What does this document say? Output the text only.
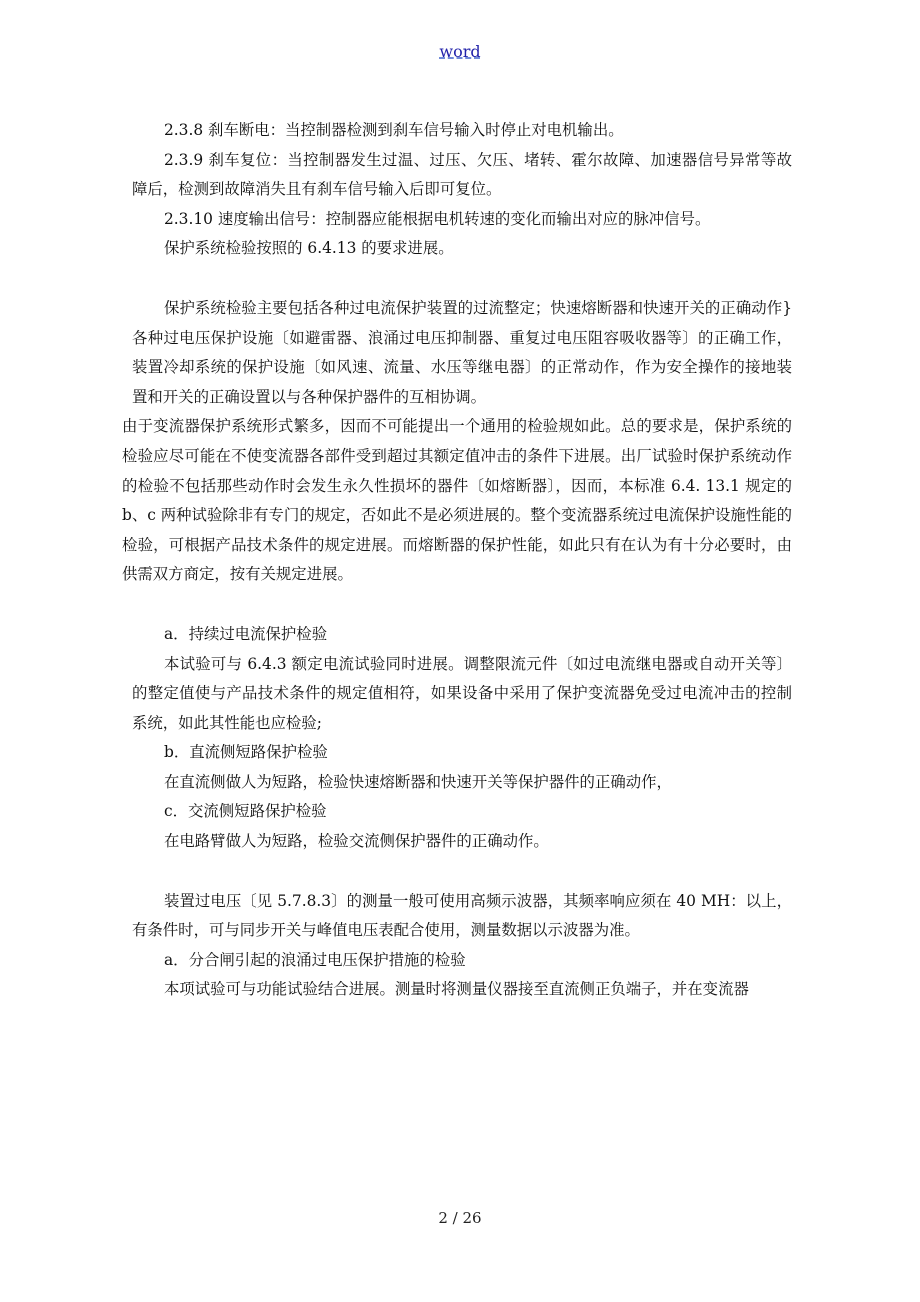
word

2.3.8 刹车断电：当控制器检测到刹车信号输入时停止对电机输出。

2.3.9 刹车复位：当控制器发生过温、过压、欠压、堵转、霍尔故障、加速器信号异常等故障后，检测到故障消失且有刹车信号输入后即可复位。

2.3.10 速度输出信号：控制器应能根据电机转速的变化而输出对应的脉冲信号。

保护系统检验按照的 6.4.13 的要求进展。

保护系统检验主要包括各种过电流保护装置的过流整定；快速熔断器和快速开关的正确动作}各种过电压保护设施〔如避雷器、浪涌过电压抑制器、重复过电压阻容吸收器等〕的正确工作，装置冷却系统的保护设施〔如风速、流量、水压等继电器〕的正常动作，作为安全操作的接地装置和开关的正确设置以与各种保护器件的互相协调。

由于变流器保护系统形式繁多，因而不可能提出一个通用的检验规如此。总的要求是，保护系统的检验应尽可能在不使变流器各部件受到超过其额定值冲击的条件下进展。出厂试验时保护系统动作的检验不包括那些动作时会发生永久性损坏的器件〔如熔断器〕，因而，本标准 6.4. 13.1 规定的 b、c 两种试验除非有专门的规定，否如此不是必须进展的。整个变流器系统过电流保护设施性能的检验，可根据产品技术条件的规定进展。而熔断器的保护性能，如此只有在认为有十分必要时，由供需双方商定，按有关规定进展。

a．持续过电流保护检验

本试验可与 6.4.3 额定电流试验同时进展。调整限流元件〔如过电流继电器或自动开关等〕的整定值使与产品技术条件的规定值相符，如果设备中采用了保护变流器免受过电流冲击的控制系统，如此其性能也应检验;

b．直流侧短路保护检验

在直流侧做人为短路，检验快速熔断器和快速开关等保护器件的正确动作，

c．交流侧短路保护检验

在电路臂做人为短路，检验交流侧保护器件的正确动作。

装置过电压〔见 5.7.8.3〕的测量一般可使用高频示波器，其频率响应须在 40 MH：以上，有条件时，可与同步开关与峰值电压表配合使用，测量数据以示波器为准。

a．分合闸引起的浪涌过电压保护措施的检验

本项试验可与功能试验结合进展。测量时将测量仪器接至直流侧正负端子，并在变流器

2 / 26
